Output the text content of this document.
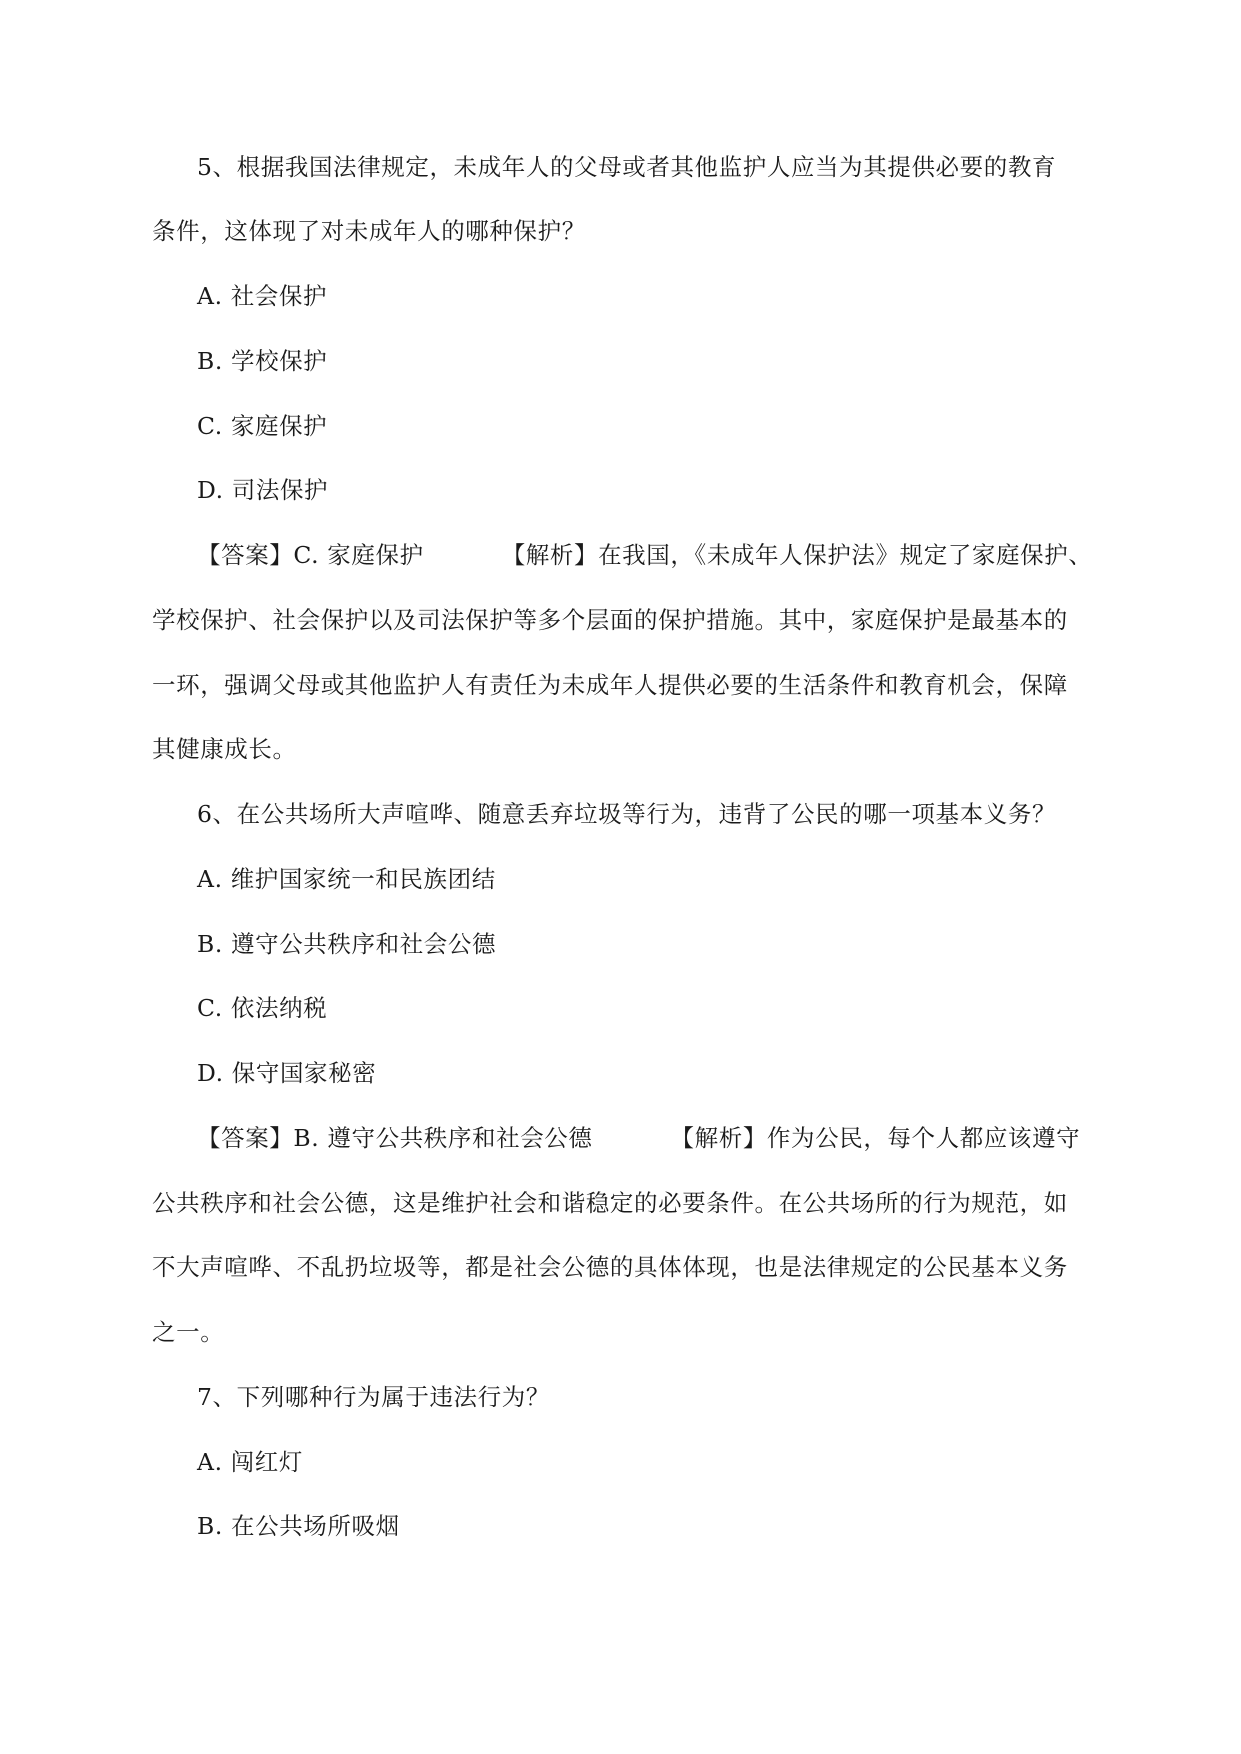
5、根据我国法律规定，未成年人的父母或者其他监护人应当为其提供必要的教育
条件，这体现了对未成年人的哪种保护？
A. 社会保护
B. 学校保护
C. 家庭保护
D. 司法保护
【答案】C. 家庭保护	【解析】在我国，《未成年人保护法》规定了家庭保护、
学校保护、社会保护以及司法保护等多个层面的保护措施。其中，家庭保护是最基本的
一环，强调父母或其他监护人有责任为未成年人提供必要的生活条件和教育机会，保障
其健康成长。
6、在公共场所大声喧哗、随意丢弃垃圾等行为，违背了公民的哪一项基本义务？
A. 维护国家统一和民族团结
B. 遵守公共秩序和社会公德
C. 依法纳税
D. 保守国家秘密
【答案】B. 遵守公共秩序和社会公德	【解析】作为公民，每个人都应该遵守
公共秩序和社会公德，这是维护社会和谐稳定的必要条件。在公共场所的行为规范，如
不大声喧哗、不乱扔垃圾等，都是社会公德的具体体现，也是法律规定的公民基本义务
之一。
7、下列哪种行为属于违法行为？
A. 闯红灯
B. 在公共场所吸烟
